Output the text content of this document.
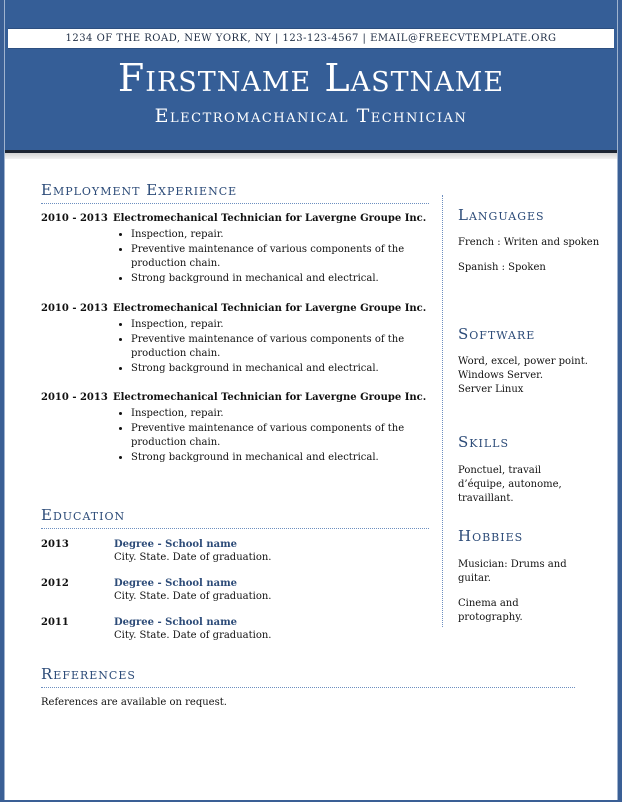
1234 OF THE ROAD, NEW YORK, NY | 123-123-4567 | EMAIL@FREECVTEMPLATE.ORG
Firstname Lastname
Electromachanical Technician
Employment Experience
2010 - 2013 Electromechanical Technician for Lavergne Groupe Inc.
• Inspection, repair.
• Preventive maintenance of various components of the production chain.
• Strong background in mechanical and electrical.
2010 - 2013 Electromechanical Technician for Lavergne Groupe Inc.
• Inspection, repair.
• Preventive maintenance of various components of the production chain.
• Strong background in mechanical and electrical.
2010 - 2013 Electromechanical Technician for Lavergne Groupe Inc.
• Inspection, repair.
• Preventive maintenance of various components of the production chain.
• Strong background in mechanical and electrical.
Education
2013	Degree - School name
City. State. Date of graduation.
2012	Degree - School name
City. State. Date of graduation.
2011	Degree - School name
City. State. Date of graduation.
Languages

French : Writen and spoken

Spanish : Spoken

Software
Word, excel, power point.
Windows Server.
Server Linux
Skills
Ponctuel, travail d’équipe, autonome, travaillant.
Hobbies

Musician: Drums and guitar.

Cinema and protography.

References
References are available on request.
